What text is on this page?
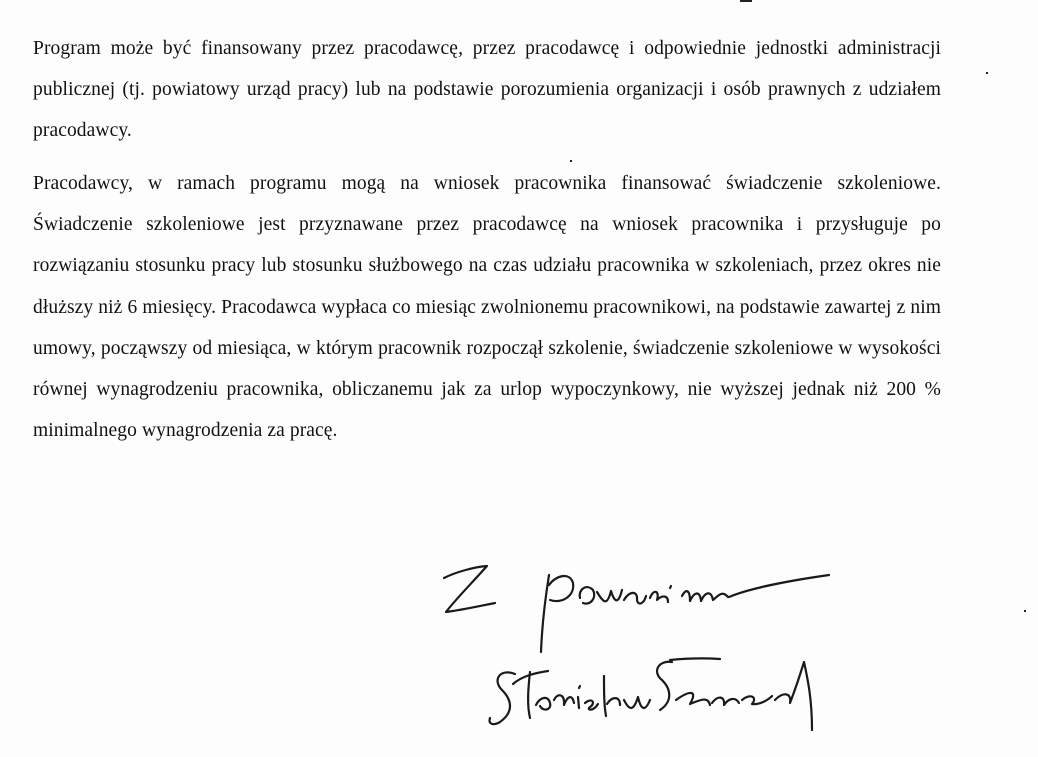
Program może być finansowany przez pracodawcę, przez pracodawcę i odpowiednie jednostki administracji publicznej (tj. powiatowy urząd pracy) lub na podstawie porozumienia organizacji i osób prawnych z udziałem pracodawcy.

Pracodawcy, w ramach programu mogą na wniosek pracownika finansować świadczenie szkoleniowe. Świadczenie szkoleniowe jest przyznawane przez pracodawcę na wniosek pracownika i przysługuje po rozwiązaniu stosunku pracy lub stosunku służbowego na czas udziału pracownika w szkoleniach, przez okres nie dłuższy niż 6 miesięcy. Pracodawca wypłaca co miesiąc zwolnionemu pracownikowi, na podstawie zawartej z nim umowy, począwszy od miesiąca, w którym pracownik rozpoczął szkolenie, świadczenie szkoleniowe w wysokości równej wynagrodzeniu pracownika, obliczanemu jak za urlop wypoczynkowy, nie wyższej jednak niż 200 % minimalnego wynagrodzenia za pracę.
